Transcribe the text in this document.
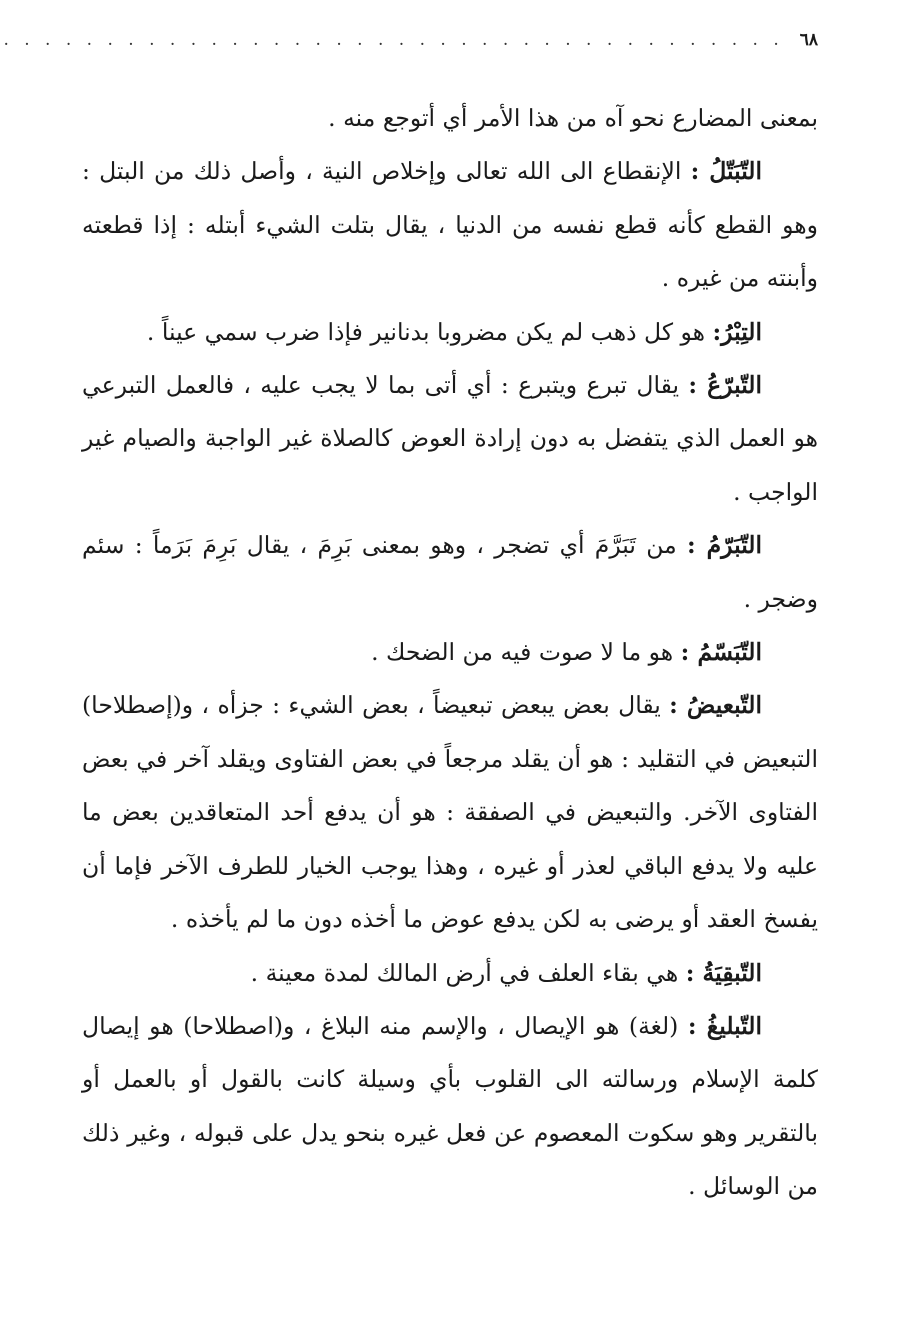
٦٨
. . . . . . . . . . . . . . . . . . . . . . . . . . . . . . . . . . . . . .

بمعنى المضارع نحو آه من هذا الأمر أي أتوجع منه .

التّبَتّلُ : الإنقطاع الى الله تعالى وإخلاص النية ، وأصل ذلك من البتل : وهو القطع كأنه قطع نفسه من الدنيا ، يقال بتلت الشيء أبتله : إذا قطعته وأبنته من غيره .

التِبْرُ: هو كل ذهب لم يكن مضروبا بدنانير فإذا ضرب سمي عيناً .

التّبرّعُ : يقال تبرع ويتبرع : أي أتى بما لا يجب عليه ، فالعمل التبرعي هو العمل الذي يتفضل به دون إرادة العوض كالصلاة غير الواجبة والصيام غير الواجب .

التّبَرّمُ : من تَبَرَّمَ أي تضجر ، وهو بمعنى بَرِمَ ، يقال بَرِمَ بَرَماً : سئم وضجر .

التّبَسّمُ : هو ما لا صوت فيه من الضحك .

التّبعيضُ : يقال بعض يبعض تبعيضاً ، بعض الشيء : جزأه ، و(إصطلاحا) التبعيض في التقليد : هو أن يقلد مرجعاً في بعض الفتاوى ويقلد آخر في بعض الفتاوى الآخر. والتبعيض في الصفقة : هو أن يدفع أحد المتعاقدين بعض ما عليه ولا يدفع الباقي لعذر أو غيره ، وهذا يوجب الخيار للطرف الآخر فإما أن يفسخ العقد أو يرضى به لكن يدفع عوض ما أخذه دون ما لم يأخذه .

التّبقِيَةُ : هي بقاء العلف في أرض المالك لمدة معينة .

التّبليغُ : (لغة) هو الإيصال ، والإسم منه البلاغ ، و(اصطلاحا) هو إيصال كلمة الإسلام ورسالته الى القلوب بأي وسيلة كانت بالقول أو بالعمل أو بالتقرير وهو سكوت المعصوم عن فعل غيره بنحو يدل على قبوله ، وغير ذلك من الوسائل .
